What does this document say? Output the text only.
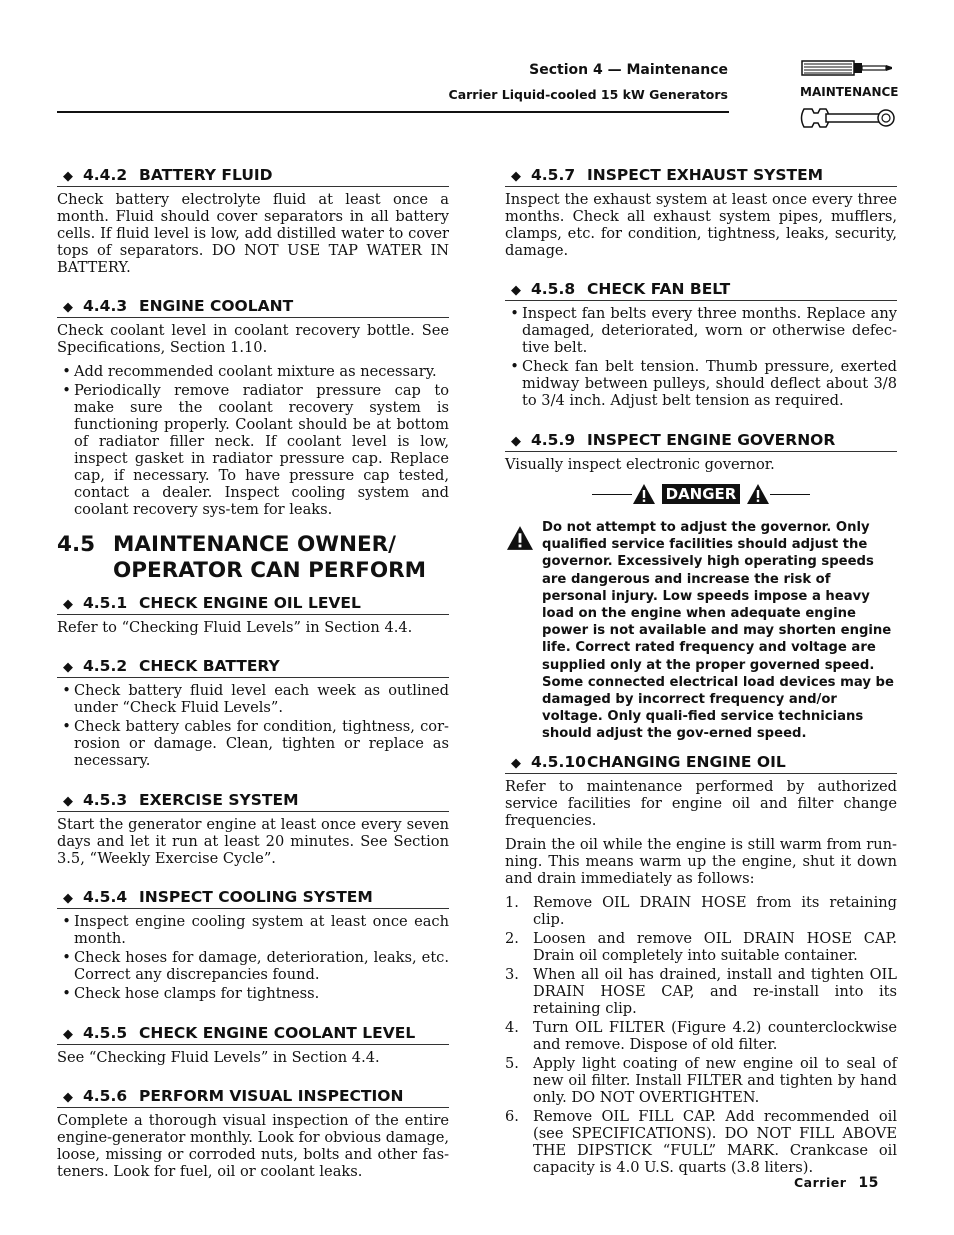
Section 4 — Maintenance
Carrier Liquid-cooled 15 kW Generators	MAINTENANCE
◆ 4.4.2 BATTERY FLUID

Check battery electrolyte fluid at least once a month. Fluid should cover separators in all battery cells. If fluid level is low, add distilled water to cover tops of separators. DO NOT USE TAP WATER IN BATTERY.

◆ 4.4.3 ENGINE COOLANT

Check coolant level in coolant recovery bottle. See Specifications, Section 1.10.

• Add recommended coolant mixture as necessary.
• Periodically remove radiator pressure cap to make sure the coolant recovery system is functioning properly. Coolant should be at bottom of radiator filler neck. If coolant level is low, inspect gasket in radiator pressure cap. Replace cap, if necessary. To have pressure cap tested, contact a dealer. Inspect cooling system and coolant recovery sys-tem for leaks.
4.5 MAINTENANCE OWNER/
OPERATOR CAN PERFORM
◆ 4.5.1 CHECK ENGINE OIL LEVEL

Refer to “Checking Fluid Levels” in Section 4.4.

◆ 4.5.2 CHECK BATTERY
• Check battery fluid level each week as outlined under “Check Fluid Levels”.
• Check battery cables for condition, tightness, cor-rosion or damage. Clean, tighten or replace as necessary.
◆ 4.5.3 EXERCISE SYSTEM

Start the generator engine at least once every seven days and let it run at least 20 minutes. See Section 3.5, “Weekly Exercise Cycle”.

◆ 4.5.4 INSPECT COOLING SYSTEM
• Inspect engine cooling system at least once each month.
• Check hoses for damage, deterioration, leaks, etc. Correct any discrepancies found.
• Check hose clamps for tightness.
◆ 4.5.5 CHECK ENGINE COOLANT LEVEL

See “Checking Fluid Levels” in Section 4.4.

◆ 4.5.6 PERFORM VISUAL INSPECTION

Complete a thorough visual inspection of the entire engine-generator monthly. Look for obvious damage, loose, missing or corroded nuts, bolts and other fas-teners. Look for fuel, oil or coolant leaks.

◆ 4.5.7 INSPECT EXHAUST SYSTEM

Inspect the exhaust system at least once every three months. Check all exhaust system pipes, mufflers, clamps, etc. for condition, tightness, leaks, security, damage.

◆ 4.5.8 CHECK FAN BELT
• Inspect fan belts every three months. Replace any damaged, deteriorated, worn or otherwise defec-tive belt.
• Check fan belt tension. Thumb pressure, exerted midway between pulleys, should deflect about 3/8 to 3/4 inch. Adjust belt tension as required.
◆ 4.5.9 INSPECT ENGINE GOVERNOR

Visually inspect electronic governor.

DANGER

Do not attempt to adjust the governor. Only qualified service facilities should adjust the governor. Excessively high operating speeds are dangerous and increase the risk of personal injury. Low speeds impose a heavy load on the engine when adequate engine power is not available and may shorten engine life. Correct rated frequency and voltage are supplied only at the proper governed speed. Some connected electrical load devices may be damaged by incorrect frequency and/or voltage. Only quali-fied service technicians should adjust the gov-erned speed.

◆ 4.5.10CHANGING ENGINE OIL

Refer to maintenance performed by authorized service facilities for engine oil and filter change frequencies.

Drain the oil while the engine is still warm from run-ning. This means warm up the engine, shut it down and drain immediately as follows:

1. Remove OIL DRAIN HOSE from its retaining clip.
2. Loosen and remove OIL DRAIN HOSE CAP. Drain oil completely into suitable container.
3. When all oil has drained, install and tighten OIL DRAIN HOSE CAP, and re-install into its retaining clip.
4. Turn OIL FILTER (Figure 4.2) counterclockwise and remove. Dispose of old filter.
5. Apply light coating of new engine oil to seal of new oil filter. Install FILTER and tighten by hand only. DO NOT OVERTIGHTEN.
6. Remove OIL FILL CAP. Add recommended oil (see SPECIFICATIONS). DO NOT FILL ABOVE THE DIPSTICK “FULL” MARK. Crankcase oil capacity is 4.0 U.S. quarts (3.8 liters).
Carrier 15
